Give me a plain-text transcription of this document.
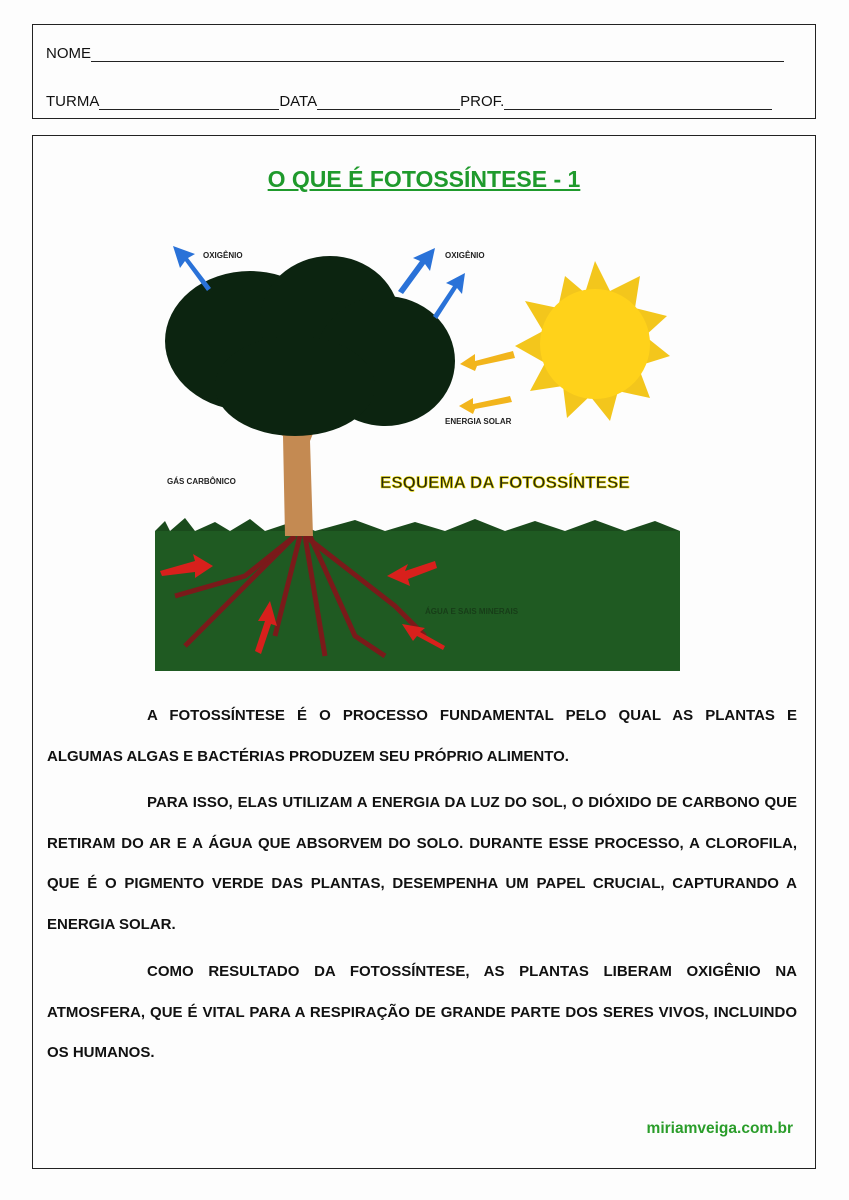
NOME
TURMA	DATA	PROF.
O QUE É FOTOSSÍNTESE - 1
OXIGÊNIO	OXIGÊNIO
ENERGIA SOLAR
GÁS CARBÔNICO
ÁGUA E SAIS MINERAIS
ESQUEMA DA FOTOSSÍNTESE

A FOTOSSÍNTESE É O PROCESSO FUNDAMENTAL PELO QUAL AS PLANTAS E ALGUMAS ALGAS E BACTÉRIAS PRODUZEM SEU PRÓPRIO ALIMENTO.

PARA ISSO, ELAS UTILIZAM A ENERGIA DA LUZ DO SOL, O DIÓXIDO DE CARBONO QUE RETIRAM DO AR E A ÁGUA QUE ABSORVEM DO SOLO. DURANTE ESSE PROCESSO, A CLOROFILA, QUE É O PIGMENTO VERDE DAS PLANTAS, DESEMPENHA UM PAPEL CRUCIAL, CAPTURANDO A ENERGIA SOLAR.

COMO RESULTADO DA FOTOSSÍNTESE, AS PLANTAS LIBERAM OXIGÊNIO NA ATMOSFERA, QUE É VITAL PARA A RESPIRAÇÃO DE GRANDE PARTE DOS SERES VIVOS, INCLUINDO OS HUMANOS.

miriamveiga.com.br
